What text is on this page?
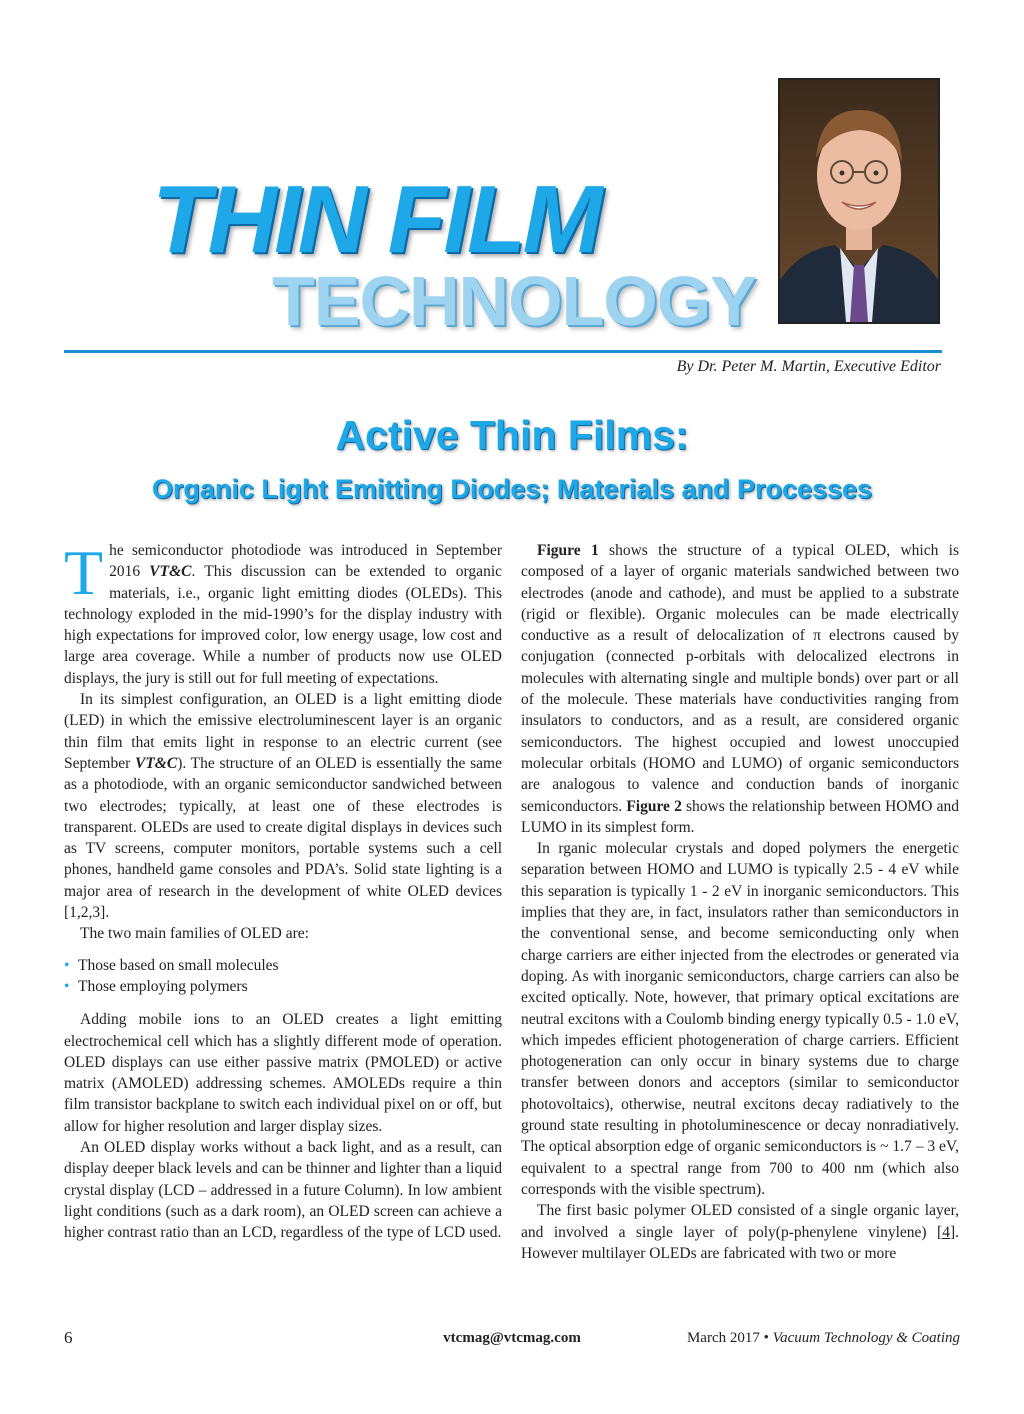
THIN FILM
TECHNOLOGY
By Dr. Peter M. Martin, Executive Editor
Active Thin Films:
Organic Light Emitting Diodes; Materials and Processes

The semiconductor photodiode was introduced in September 2016 VT&C. This discussion can be extended to organic materials, i.e., organic light emitting diodes (OLEDs). This technology exploded in the mid-1990’s for the display industry with high expectations for improved color, low energy usage, low cost and large area coverage. While a number of products now use OLED displays, the jury is still out for full meeting of expectations.

In its simplest configuration, an OLED is a light emitting diode (LED) in which the emissive electroluminescent layer is an organic thin film that emits light in response to an electric current (see September VT&C). The structure of an OLED is essentially the same as a photodiode, with an organic semiconductor sandwiched between two electrodes; typically, at least one of these electrodes is transparent. OLEDs are used to create digital displays in devices such as TV screens, computer monitors, portable systems such a cell phones, handheld game consoles and PDA’s. Solid state lighting is a major area of research in the development of white OLED devices [1,2,3].

The two main families of OLED are:

• Those based on small molecules
• Those employing polymers

Adding mobile ions to an OLED creates a light emitting electrochemical cell which has a slightly different mode of operation. OLED displays can use either passive matrix (PMOLED) or active matrix (AMOLED) addressing schemes. AMOLEDs require a thin film transistor backplane to switch each individual pixel on or off, but allow for higher resolution and larger display sizes.

An OLED display works without a back light, and as a result, can display deeper black levels and can be thinner and lighter than a liquid crystal display (LCD – addressed in a future Column). In low ambient light conditions (such as a dark room), an OLED screen can achieve a higher contrast ratio than an LCD, regardless of the type of LCD used.

Figure 1 shows the structure of a typical OLED, which is composed of a layer of organic materials sandwiched between two electrodes (anode and cathode), and must be applied to a substrate (rigid or flexible). Organic molecules can be made electrically conductive as a result of delocalization of π electrons caused by conjugation (connected p-orbitals with delocalized electrons in molecules with alternating single and multiple bonds) over part or all of the molecule. These materials have conductivities ranging from insulators to conductors, and as a result, are considered organic semiconductors. The highest occupied and lowest unoccupied molecular orbitals (HOMO and LUMO) of organic semiconductors are analogous to valence and conduction bands of inorganic semiconductors. Figure 2 shows the relationship between HOMO and LUMO in its simplest form.

In rganic molecular crystals and doped polymers the energetic separation between HOMO and LUMO is typically 2.5 - 4 eV while this separation is typically 1 - 2 eV in inorganic semiconductors. This implies that they are, in fact, insulators rather than semiconductors in the conventional sense, and become semiconducting only when charge carriers are either injected from the electrodes or generated via doping. As with inorganic semiconductors, charge carriers can also be excited optically. Note, however, that primary optical excitations are neutral excitons with a Coulomb binding energy typically 0.5 - 1.0 eV, which impedes efficient photogeneration of charge carriers. Efficient photogeneration can only occur in binary systems due to charge transfer between donors and acceptors (similar to semiconductor photovoltaics), otherwise, neutral excitons decay radiatively to the ground state resulting in photoluminescence or decay nonradiatively. The optical absorption edge of organic semiconductors is ~ 1.7 – 3 eV, equivalent to a spectral range from 700 to 400 nm (which also corresponds with the visible spectrum).

The first basic polymer OLED consisted of a single organic layer, and involved a single layer of poly(p-phenylene vinylene) [4]. However multilayer OLEDs are fabricated with two or more

6	vtcmag@vtcmag.com	March 2017 • Vacuum Technology & Coating
